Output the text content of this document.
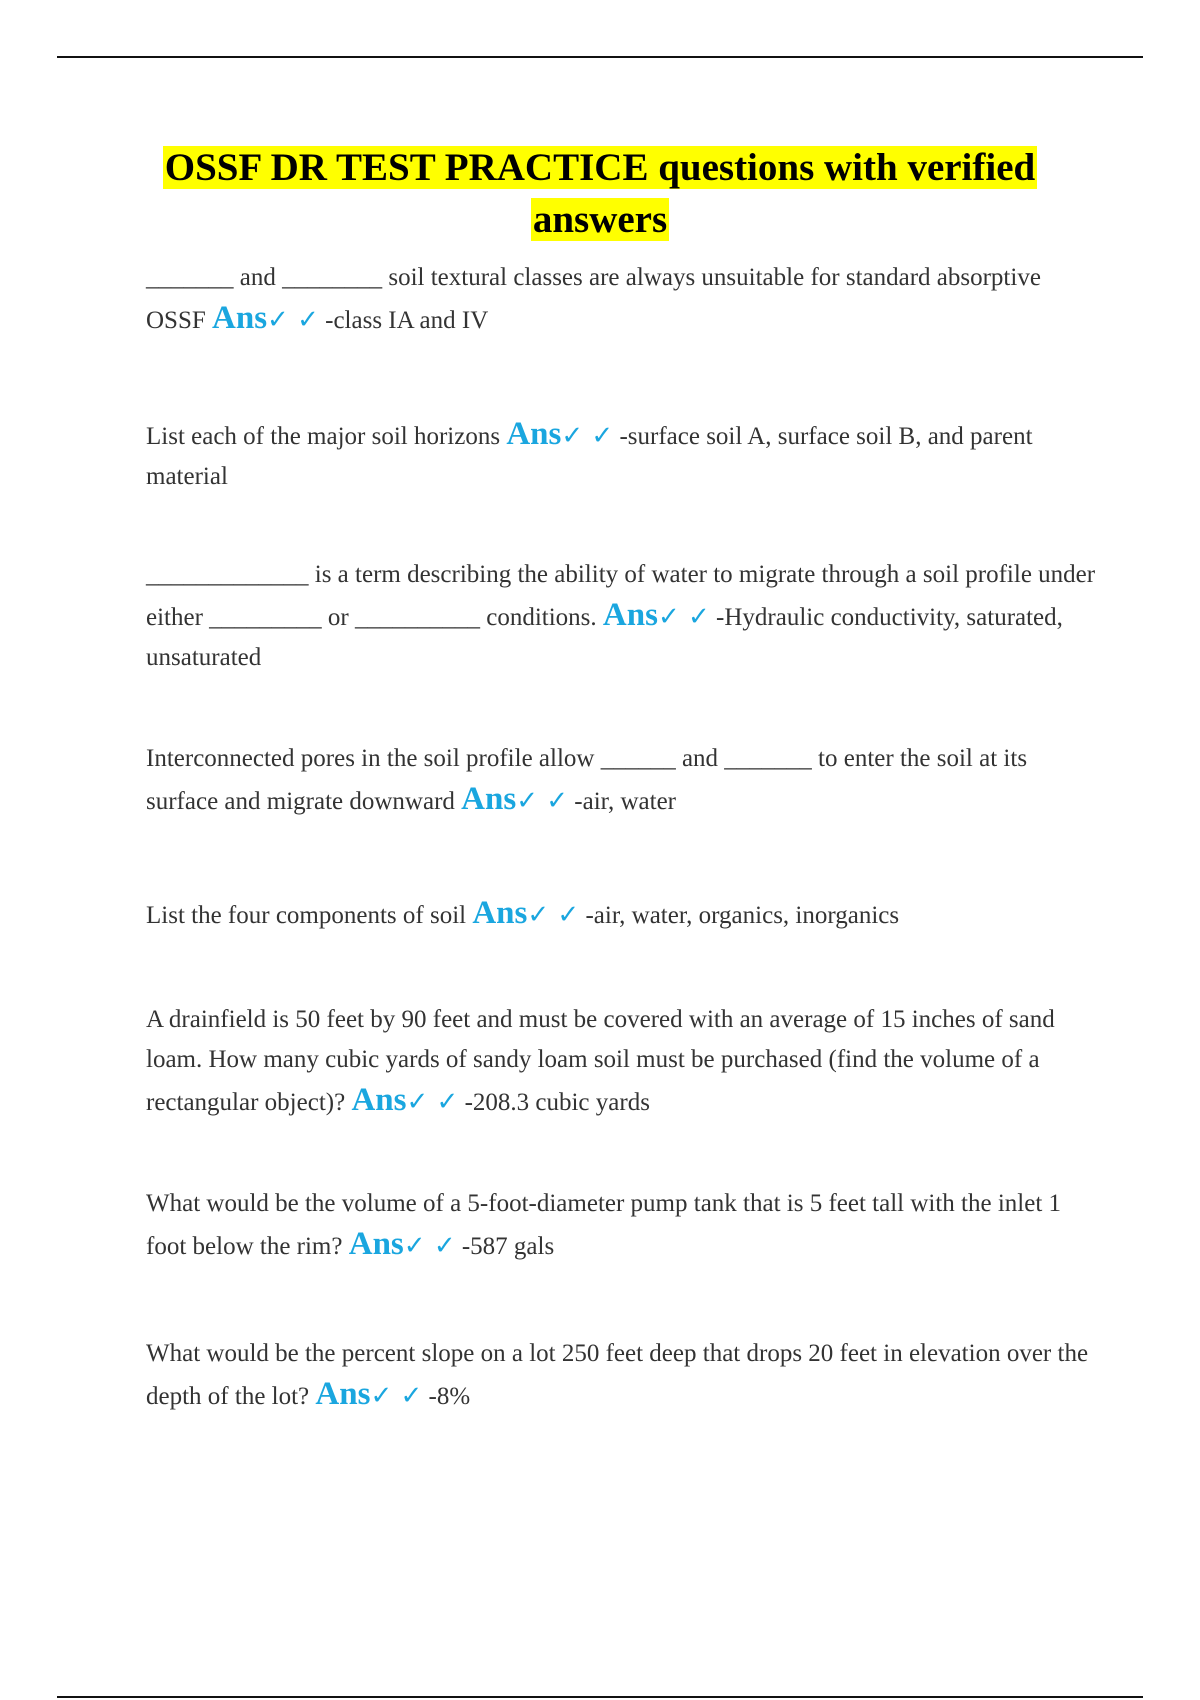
OSSF DR TEST PRACTICE questions with verified
answers
_______ and ________ soil textural classes are always unsuitable for standard absorptive OSSF Ans✓ ✓ -class IA and IV
List each of the major soil horizons Ans✓ ✓ -surface soil A, surface soil B, and parent material
_____________ is a term describing the ability of water to migrate through a soil profile under either _________ or __________ conditions. Ans✓ ✓ -Hydraulic conductivity, saturated, unsaturated
Interconnected pores in the soil profile allow ______ and _______ to enter the soil at its surface and migrate downward Ans✓ ✓ -air, water
List the four components of soil Ans✓ ✓ -air, water, organics, inorganics
A drainfield is 50 feet by 90 feet and must be covered with an average of 15 inches of sand loam. How many cubic yards of sandy loam soil must be purchased (find the volume of a rectangular object)? Ans✓ ✓ -208.3 cubic yards
What would be the volume of a 5-foot-diameter pump tank that is 5 feet tall with the inlet 1 foot below the rim? Ans✓ ✓ -587 gals
What would be the percent slope on a lot 250 feet deep that drops 20 feet in elevation over the depth of the lot? Ans✓ ✓ -8%
